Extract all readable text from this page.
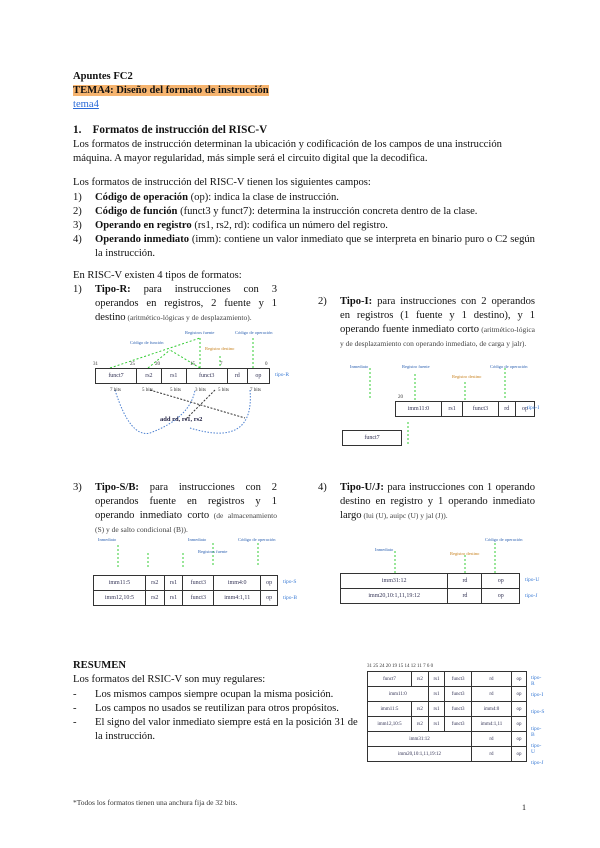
Apuntes FC2
TEMA4: Diseño del formato de instrucción
tema4
1. Formatos de instrucción del RISC-V
Los formatos de instrucción determinan la ubicación y codificación de los campos de una instrucción máquina. A mayor regularidad, más simple será el circuito digital que la decodifica.
Los formatos de instrucción del RISC-V tienen los siguientes campos:
1) Código de operación (op): indica la clase de instrucción.
2) Código de función (funct3 y funct7): determina la instrucción concreta dentro de la clase.
3) Operando en registro (rs1, rs2, rd): codifica un número del registro.
4) Operando inmediato (imm): contiene un valor inmediato que se interpreta en binario puro o C2 según la instrucción.
En RISC-V existen 4 tipos de formatos:
1) Tipo-R: para instrucciones con 3 operandos en registros, 2 fuente y 1 destino (aritmético-lógicas y de desplazamiento).
2) Tipo-I: para instrucciones con 2 operandos en registros (1 fuente y 1 destino), y 1 operando fuente inmediato corto (aritmético-lógica y de desplazamiento con operando inmediato, de carga y jalr).
3) Tipo-S/B: para instrucciones con 2 operandos fuente en registros y 1 operando inmediato corto (de almacenamiento (S) y de salto condicional (B)).
4) Tipo-U/J: para instrucciones con 1 operando destino en registro y 1 operando inmediato largo (lui (U), auipc (U) y jal (J)).
Código de función
Registros fuente
Registro destino
Código de operación
31	25	20	15	7	0
funct7	rs2	rs1	funct3	rd	op tipo-R
7 bits	5 bits	5 bits	3 bits 5 bits	7 bits
add rd, rs1, rs2
Inmediato	Registro fuente
Registro destino
Código de operación
20
imm11:0	rs1	funct3	rd	op tipo-I
funct7
Inmediato
Registros fuente
Inmediato	Código de operación
imm11:5	rs2	rs1	funct3	imm4:0	op
imm12,10:5	rs2	rs1	funct3	imm4:1,11	op
tipo-S
tipo-B
Inmediato
Registro destino
Código de operación
imm31:12	rd	op
imm20,10:1,11,19:12	rd	op
tipo-U
tipo-J
RESUMEN
Los formatos del RSIC-V son muy regulares:
- Los mismos campos siempre ocupan la misma posición.
- Los campos no usados se reutilizan para otros propósitos.
- El signo del valor inmediato siempre está en la posición 31 de la instrucción.
31 25 24 20 19 15 14 12 11 7 6 0
funct7	rs2	rs1	funct3	rd	op
imm11:0		rs1	funct3	rd	op
imm11:5	rs2	rs1	funct3	imm4:0	op
imm12,10:5	rs2	rs1	funct3	imm4:1,11	op
imm31:12				rd	op
imm20,10:1,11,19:12				rd	op
tipo-R
tipo-I
tipo-S
tipo-B
tipo-U
tipo-J
*Todos los formatos tienen una anchura fija de 32 bits.
1
